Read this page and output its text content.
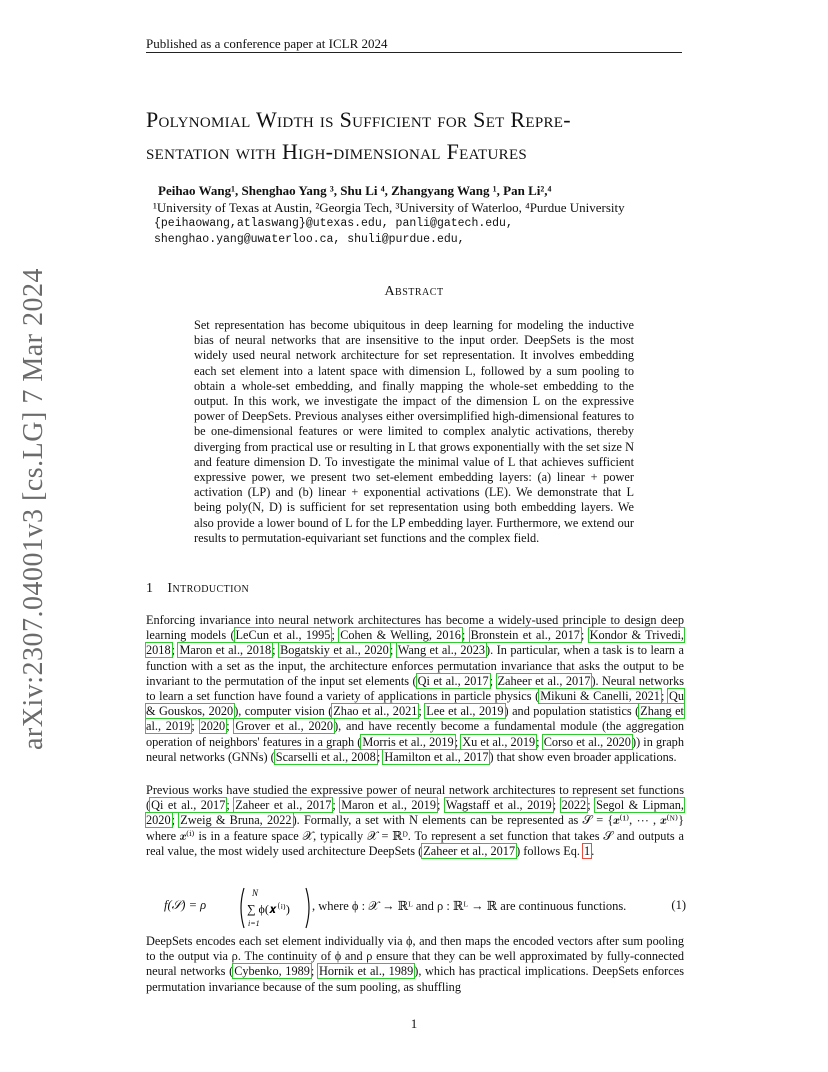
Published as a conference paper at ICLR 2024
arXiv:2307.04001v3 [cs.LG] 7 Mar 2024
Polynomial Width is Sufficient for Set Repre-
sentation with High-dimensional Features
Peihao Wang¹, Shenghao Yang ³, Shu Li ⁴, Zhangyang Wang ¹, Pan Li²,⁴
¹University of Texas at Austin, ²Georgia Tech, ³University of Waterloo, ⁴Purdue University
{peihaowang,atlaswang}@utexas.edu, panli@gatech.edu,
shenghao.yang@uwaterloo.ca, shuli@purdue.edu,
Abstract
Set representation has become ubiquitous in deep learning for modeling the inductive bias of neural networks that are insensitive to the input order. DeepSets is the most widely used neural network architecture for set representation. It involves embedding each set element into a latent space with dimension L, followed by a sum pooling to obtain a whole-set embedding, and finally mapping the whole-set embedding to the output. In this work, we investigate the impact of the dimension L on the expressive power of DeepSets. Previous analyses either oversimplified high-dimensional features to be one-dimensional features or were limited to complex analytic activations, thereby diverging from practical use or resulting in L that grows exponentially with the set size N and feature dimension D. To investigate the minimal value of L that achieves sufficient expressive power, we present two set-element embedding layers: (a) linear + power activation (LP) and (b) linear + exponential activations (LE). We demonstrate that L being poly(N, D) is sufficient for set representation using both embedding layers. We also provide a lower bound of L for the LP embedding layer. Furthermore, we extend our results to permutation-equivariant set functions and the complex field.
1 Introduction
Enforcing invariance into neural network architectures has become a widely-used principle to design deep learning models (LeCun et al., 1995; Cohen & Welling, 2016; Bronstein et al., 2017; Kondor & Trivedi, 2018; Maron et al., 2018; Bogatskiy et al., 2020; Wang et al., 2023). In particular, when a task is to learn a function with a set as the input, the architecture enforces permutation invariance that asks the output to be invariant to the permutation of the input set elements (Qi et al., 2017; Zaheer et al., 2017). Neural networks to learn a set function have found a variety of applications in particle physics (Mikuni & Canelli, 2021; Qu & Gouskos, 2020), computer vision (Zhao et al., 2021; Lee et al., 2019) and population statistics (Zhang et al., 2019; 2020; Grover et al., 2020), and have recently become a fundamental module (the aggregation operation of neighbors' features in a graph (Morris et al., 2019; Xu et al., 2019; Corso et al., 2020)) in graph neural networks (GNNs) (Scarselli et al., 2008; Hamilton et al., 2017) that show even broader applications.
Previous works have studied the expressive power of neural network architectures to represent set functions (Qi et al., 2017; Zaheer et al., 2017; Maron et al., 2019; Wagstaff et al., 2019; 2022; Segol & Lipman, 2020; Zweig & Bruna, 2022). Formally, a set with N elements can be represented as 𝒮 = {𝒙⁽¹⁾, ⋯ , 𝒙⁽ᴺ⁾} where 𝒙⁽ⁱ⁾ is in a feature space 𝒳, typically 𝒳 = ℝᴰ. To represent a set function that takes 𝒮 and outputs a real value, the most widely used architecture DeepSets (Zaheer et al., 2017) follows Eq. 1.
f(𝒮) = ρ
N
∑ ϕ(𝒙⁽ⁱ⁾)
i=1
, where ϕ : 𝒳 → ℝᴸ and ρ : ℝᴸ → ℝ are continuous functions.	(1)
DeepSets encodes each set element individually via ϕ, and then maps the encoded vectors after sum pooling to the output via ρ. The continuity of ϕ and ρ ensure that they can be well approximated by fully-connected neural networks (Cybenko, 1989; Hornik et al., 1989), which has practical implications. DeepSets enforces permutation invariance because of the sum pooling, as shuffling
1
